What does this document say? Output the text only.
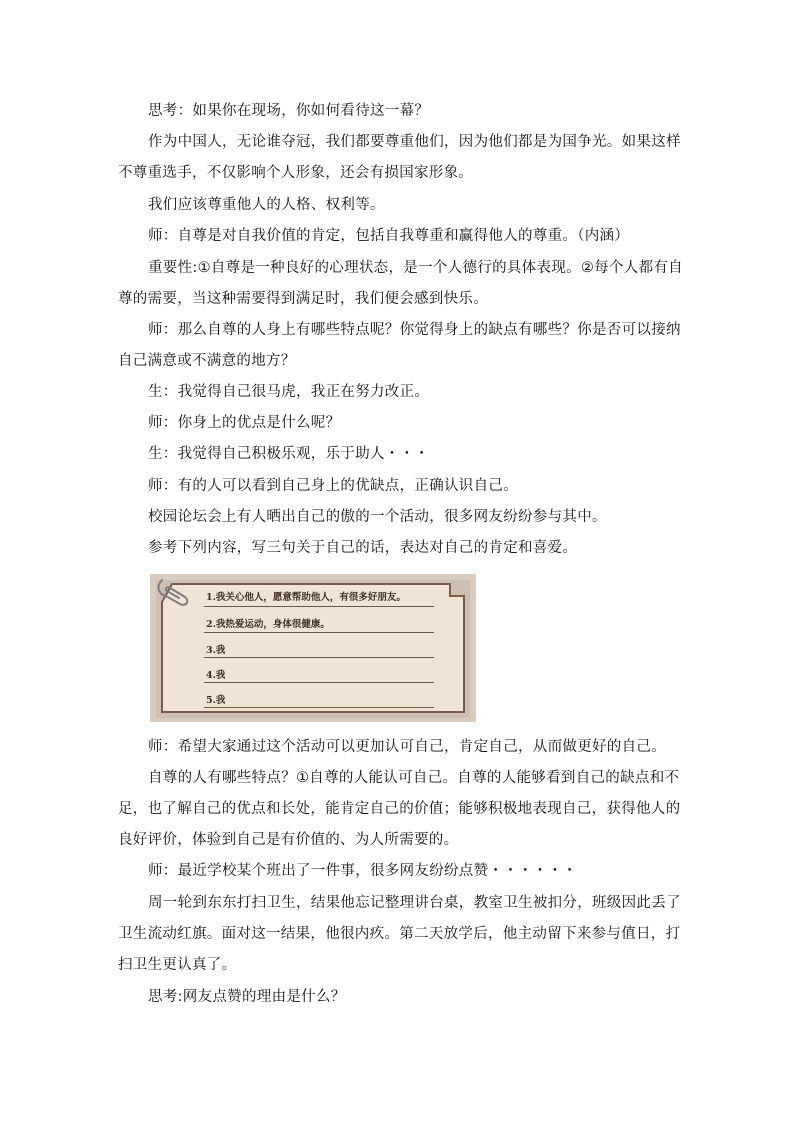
思考：如果你在现场，你如何看待这一幕？
作为中国人，无论谁夺冠，我们都要尊重他们，因为他们都是为国争光。如果这样
不尊重选手，不仅影响个人形象，还会有损国家形象。
我们应该尊重他人的人格、权利等。
师：自尊是对自我价值的肯定，包括自我尊重和赢得他人的尊重。（内涵）
重要性:①自尊是一种良好的心理状态，是一个人德行的具体表现。②每个人都有自
尊的需要，当这种需要得到满足时，我们便会感到快乐。
师：那么自尊的人身上有哪些特点呢？你觉得身上的缺点有哪些？你是否可以接纳
自己满意或不满意的地方？
生：我觉得自己很马虎，我正在努力改正。
师：你身上的优点是什么呢？
生：我觉得自己积极乐观，乐于助人・・・
师：有的人可以看到自己身上的优缺点，正确认识自己。
校园论坛会上有人晒出自己的傲的一个活动，很多网友纷纷参与其中。
参考下列内容，写三句关于自己的话，表达对自己的肯定和喜爱。
1.我关心他人，愿意帮助他人，有很多好朋友。
2.我热爱运动，身体很健康。
3.我
4.我
5.我
师：希望大家通过这个活动可以更加认可自己，肯定自己，从而做更好的自己。
自尊的人有哪些特点？①自尊的人能认可自己。自尊的人能够看到自己的缺点和不
足，也了解自己的优点和长处，能肯定自己的价值；能够积极地表现自己，获得他人的
良好评价，体验到自己是有价值的、为人所需要的。
师：最近学校某个班出了一件事，很多网友纷纷点赞・・・・・・
周一轮到东东打扫卫生，结果他忘记整理讲台桌，教室卫生被扣分，班级因此丢了
卫生流动红旗。面对这一结果，他很内疚。第二天放学后，他主动留下来参与值日，打
扫卫生更认真了。
思考:网友点赞的理由是什么？
